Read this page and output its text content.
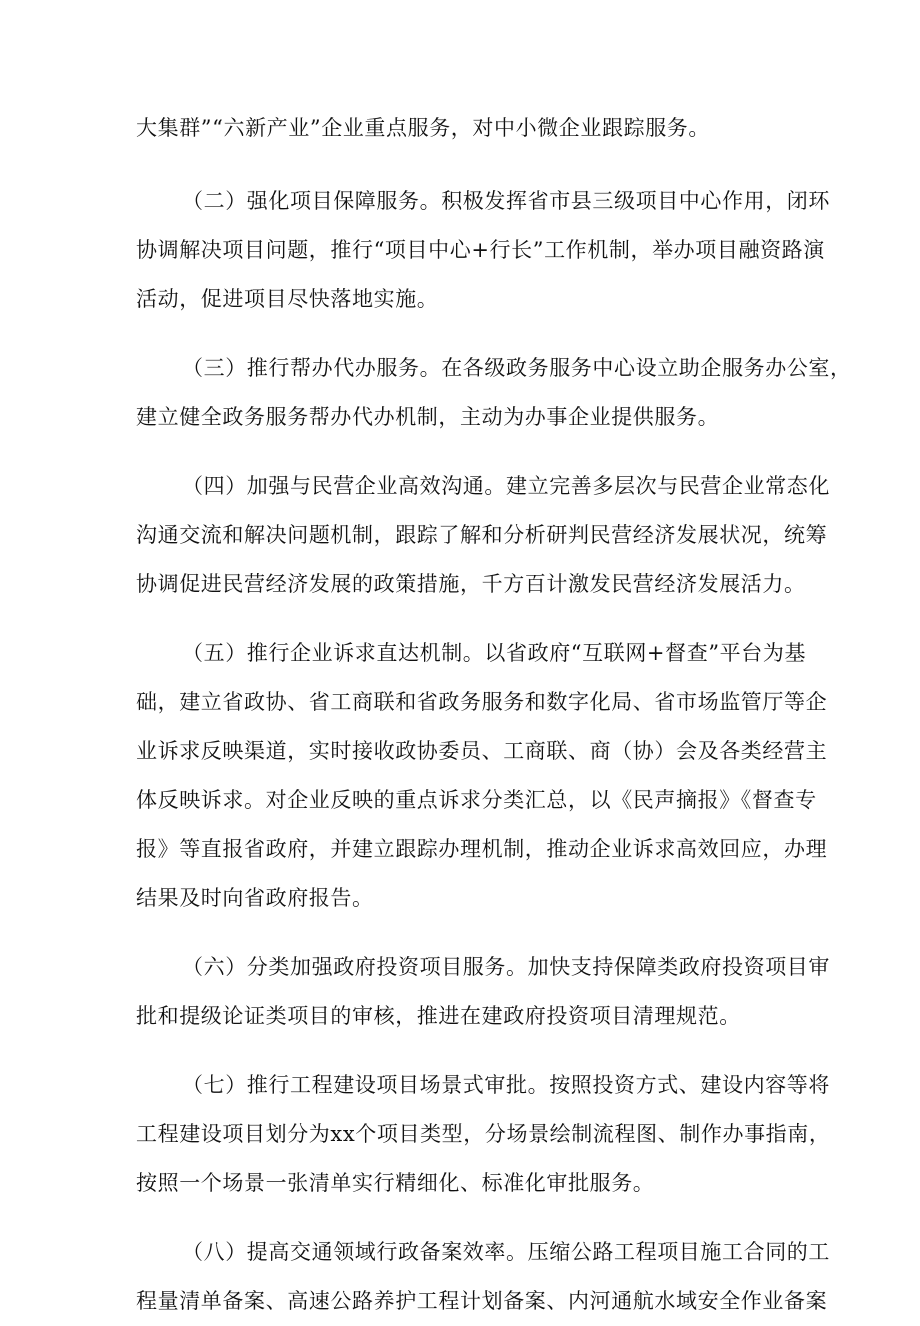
大集群”“六新产业”企业重点服务，对中小微企业跟踪服务。
（二）强化项目保障服务。积极发挥省市县三级项目中心作用，闭环
协调解决项目问题，推行“项目中心+行长”工作机制，举办项目融资路演
活动，促进项目尽快落地实施。
（三）推行帮办代办服务。在各级政务服务中心设立助企服务办公室，
建立健全政务服务帮办代办机制，主动为办事企业提供服务。
（四）加强与民营企业高效沟通。建立完善多层次与民营企业常态化
沟通交流和解决问题机制，跟踪了解和分析研判民营经济发展状况，统筹
协调促进民营经济发展的政策措施，千方百计激发民营经济发展活力。
（五）推行企业诉求直达机制。以省政府“互联网+督查”平台为基
础，建立省政协、省工商联和省政务服务和数字化局、省市场监管厅等企
业诉求反映渠道，实时接收政协委员、工商联、商（协）会及各类经营主
体反映诉求。对企业反映的重点诉求分类汇总，以《民声摘报》《督查专
报》等直报省政府，并建立跟踪办理机制，推动企业诉求高效回应，办理
结果及时向省政府报告。
（六）分类加强政府投资项目服务。加快支持保障类政府投资项目审
批和提级论证类项目的审核，推进在建政府投资项目清理规范。
（七）推行工程建设项目场景式审批。按照投资方式、建设内容等将
工程建设项目划分为xx个项目类型，分场景绘制流程图、制作办事指南，
按照一个场景一张清单实行精细化、标准化审批服务。
（八）提高交通领域行政备案效率。压缩公路工程项目施工合同的工
程量清单备案、高速公路养护工程计划备案、内河通航水域安全作业备案
